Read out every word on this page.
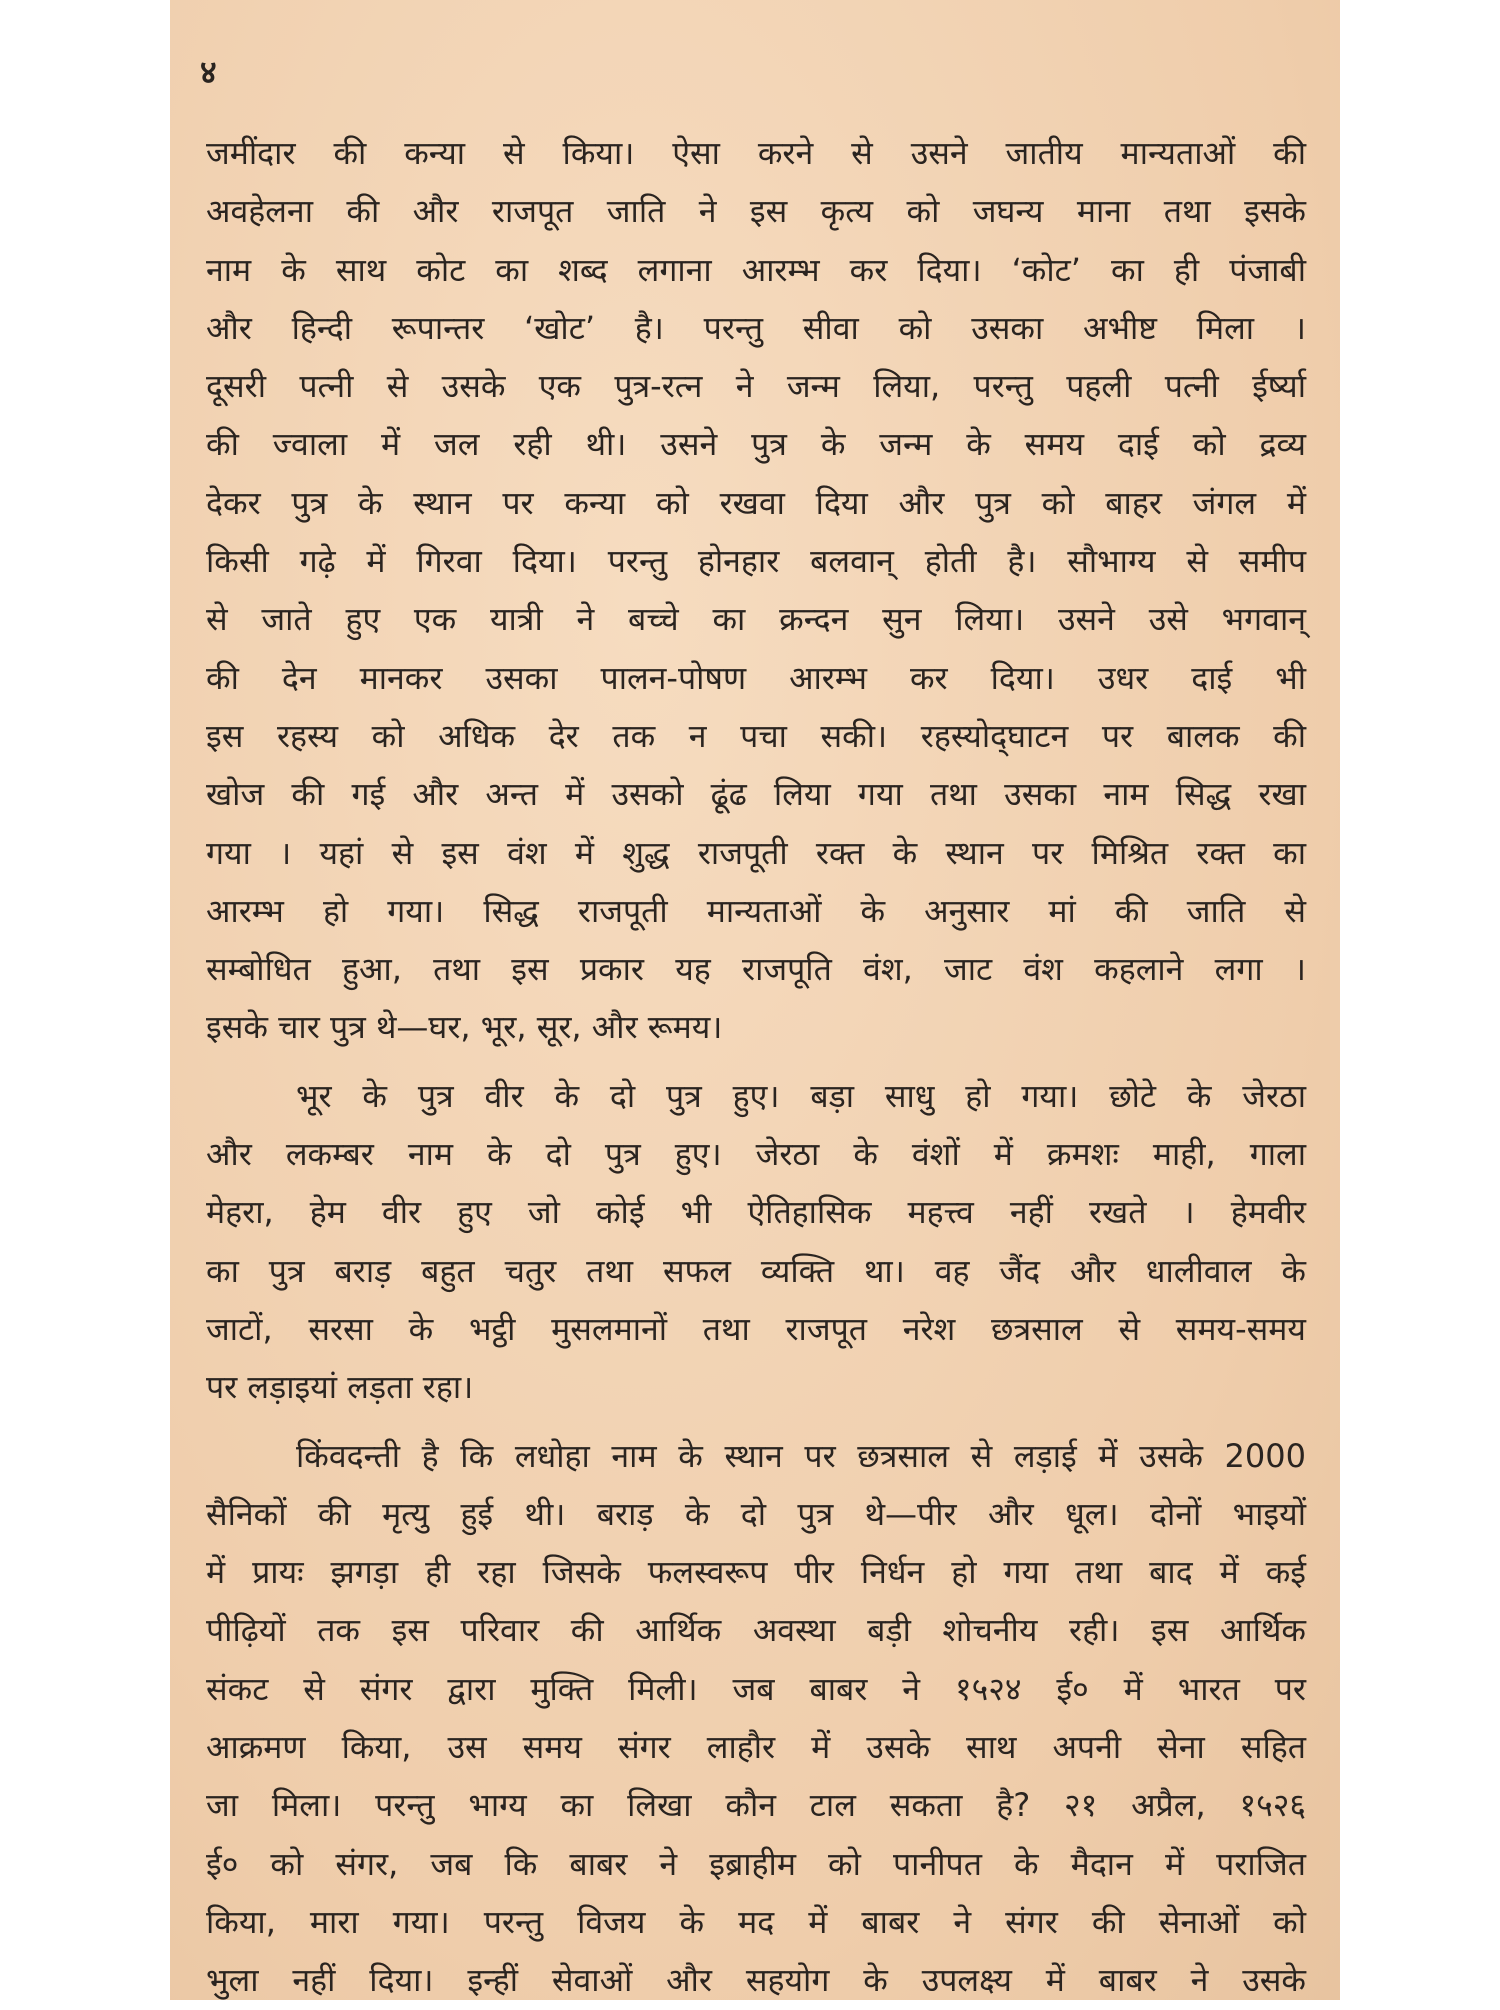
४
जमींदार की कन्या से किया। ऐसा करने से उसने जातीय मान्यताओं की
अवहेलना की और राजपूत जाति ने इस कृत्य को जघन्य माना तथा इसके
नाम के साथ कोट का शब्द लगाना आरम्भ कर दिया। ‘कोट’ का ही पंजाबी
और हिन्दी रूपान्तर ‘खोट’ है। परन्तु सीवा को उसका अभीष्ट मिला ।
दूसरी पत्नी से उसके एक पुत्र-रत्न ने जन्म लिया, परन्तु पहली पत्नी ईर्ष्या
की ज्वाला में जल रही थी। उसने पुत्र के जन्म के समय दाई को द्रव्य
देकर पुत्र के स्थान पर कन्या को रखवा दिया और पुत्र को बाहर जंगल में
किसी गढ़े में गिरवा दिया। परन्तु होनहार बलवान् होती है। सौभाग्य से समीप
से जाते हुए एक यात्री ने बच्चे का क्रन्दन सुन लिया। उसने उसे भगवान्
की देन मानकर उसका पालन-पोषण आरम्भ कर दिया। उधर दाई भी
इस रहस्य को अधिक देर तक न पचा सकी। रहस्योद्‌घाटन पर बालक की
खोज की गई और अन्त में उसको ढूंढ लिया गया तथा उसका नाम सिद्ध रखा
गया । यहां से इस वंश में शुद्ध राजपूती रक्त के स्थान पर मिश्रित रक्त का
आरम्भ हो गया। सिद्ध राजपूती मान्यताओं के अनुसार मां की जाति से
सम्बोधित हुआ, तथा इस प्रकार यह राजपूति वंश, जाट वंश कहलाने लगा ।
इसके चार पुत्र थे—घर, भूर, सूर, और रूमय।
भूर के पुत्र वीर के दो पुत्र हुए। बड़ा साधु हो गया। छोटे के जेरठा
और लकम्बर नाम के दो पुत्र हुए। जेरठा के वंशों में क्रमशः माही, गाला
मेहरा, हेम वीर हुए जो कोई भी ऐतिहासिक महत्त्व नहीं रखते । हेमवीर
का पुत्र बराड़ बहुत चतुर तथा सफल व्यक्ति था। वह जैंद और धालीवाल के
जाटों, सरसा के भट्ठी मुसलमानों तथा राजपूत नरेश छत्रसाल से समय-समय
पर लड़ाइयां लड़ता रहा।
किंवदन्ती है कि लधोहा नाम के स्थान पर छत्रसाल से लड़ाई में उसके 2000
सैनिकों की मृत्यु हुई थी। बराड़ के दो पुत्र थे—पीर और धूल। दोनों भाइयों
में प्रायः झगड़ा ही रहा जिसके फलस्वरूप पीर निर्धन हो गया तथा बाद में कई
पीढ़ियों तक इस परिवार की आर्थिक अवस्था बड़ी शोचनीय रही। इस आर्थिक
संकट से संगर द्वारा मुक्ति मिली। जब बाबर ने १५२४ ई० में भारत पर
आक्रमण किया, उस समय संगर लाहौर में उसके साथ अपनी सेना सहित
जा मिला। परन्तु भाग्य का लिखा कौन टाल सकता है? २१ अप्रैल, १५२६
ई० को संगर, जब कि बाबर ने इब्राहीम को पानीपत के मैदान में पराजित
किया, मारा गया। परन्तु विजय के मद में बाबर ने संगर की सेनाओं को
भुला नहीं दिया। इन्हीं सेवाओं और सहयोग के उपलक्ष्य में बाबर ने उसके
